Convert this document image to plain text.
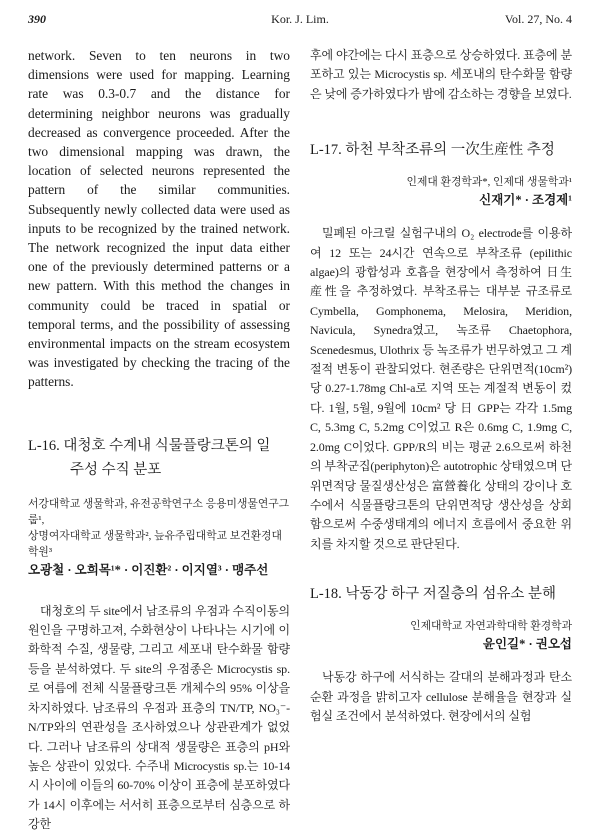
390	Kor. J. Lim.	Vol. 27, No. 4

network. Seven to ten neurons in two dimensions were used for mapping. Learning rate was 0.3-0.7 and the distance for determining neighbor neurons was gradually decreased as convergence proceeded. After the two dimensional mapping was drawn, the location of selected neurons represented the pattern of the similar communities. Subsequently newly collected data were used as inputs to be recognized by the trained network. The network recognized the input data either one of the previously determined patterns or a new pattern. With this method the changes in community could be traced in spatial or temporal terms, and the possibility of assessing environmental impacts on the stream ecosystem was investigated by checking the tracing of the patterns.

L-16. 대청호 수계내 식물플랑크톤의 일

주성 수직 분포

서강대학교 생물학과, 유전공학연구소 응용미생물연구그룹¹,

상명여자대학교 생물학과², 늪유주립대학교 보건환경대학원³

오광철 · 오희목¹* · 이진환² · 이지열³ · 맹주선

대청호의 두 site에서 남조류의 우점과 수직이동의 원인을 구명하고져, 수화현상이 나타나는 시기에 이화학적 수질, 생물량, 그리고 세포내 탄수화물 함량 등을 분석하였다. 두 site의 우점종은 Microcystis sp.로 여름에 전체 식물플랑크톤 개체수의 95% 이상을 차지하였다. 남조류의 우점과 표층의 TN/TP, NO₃⁻-N/TP와의 연관성을 조사하였으나 상관관계가 없었다. 그러나 남조류의 상대적 생물량은 표층의 pH와 높은 상관이 있었다. 수주내 Microcystis sp.는 10-14시 사이에 이들의 60-70% 이상이 표층에 분포하였다가 14시 이후에는 서서히 표층으로부터 심층으로 하강한

후에 야간에는 다시 표층으로 상승하였다. 표층에 분포하고 있는 Microcystis sp. 세포내의 탄수화물 함량은 낮에 증가하였다가 밤에 감소하는 경향을 보였다.

L-17. 하천 부착조류의 一次生産性 추정

인제대 환경학과*, 인제대 생물학과¹

신재기* · 조경제¹

밀폐된 아크릴 실험구내의 O₂ electrode를 이용하여 12 또는 24시간 연속으로 부착조류 (epilithic algae)의 광합성과 호흡을 현장에서 측정하여 日生産性을 추정하였다. 부착조류는 대부분 규조류로 Cymbella, Gomphonema, Melosira, Meridion, Navicula, Synedra였고, 녹조류 Chaetophora, Scenedesmus, Ulothrix 등 녹조류가 번무하였고 그 계절적 변동이 관찰되었다. 현존량은 단위면적(10cm²)당 0.27-1.78mg Chl-a로 지역 또는 계절적 변동이 컸다. 1월, 5월, 9월에 10cm² 당 日 GPP는 각각 1.5mg C, 5.3mg C, 5.2mg C이었고 R은 0.6mg C, 1.9mg C, 2.0mg C이었다. GPP/R의 비는 평균 2.6으로써 하천의 부착군집(periphyton)은 autotrophic 상태였으며 단위면적당 물질생산성은 富營養化 상태의 강이나 호수에서 식물플랑크톤의 단위면적당 생산성을 상회함으로써 수중생태계의 에너지 흐름에서 중요한 위치를 차지할 것으로 판단된다.

L-18. 낙동강 하구 저질층의 섬유소 분해

인제대학교 자연과학대학 환경학과

윤인길* · 권오섭

낙동강 하구에 서식하는 갈대의 분해과정과 탄소순환 과정을 밝히고자 cellulose 분해율을 현장과 실험실 조건에서 분석하였다. 현장에서의 실험
